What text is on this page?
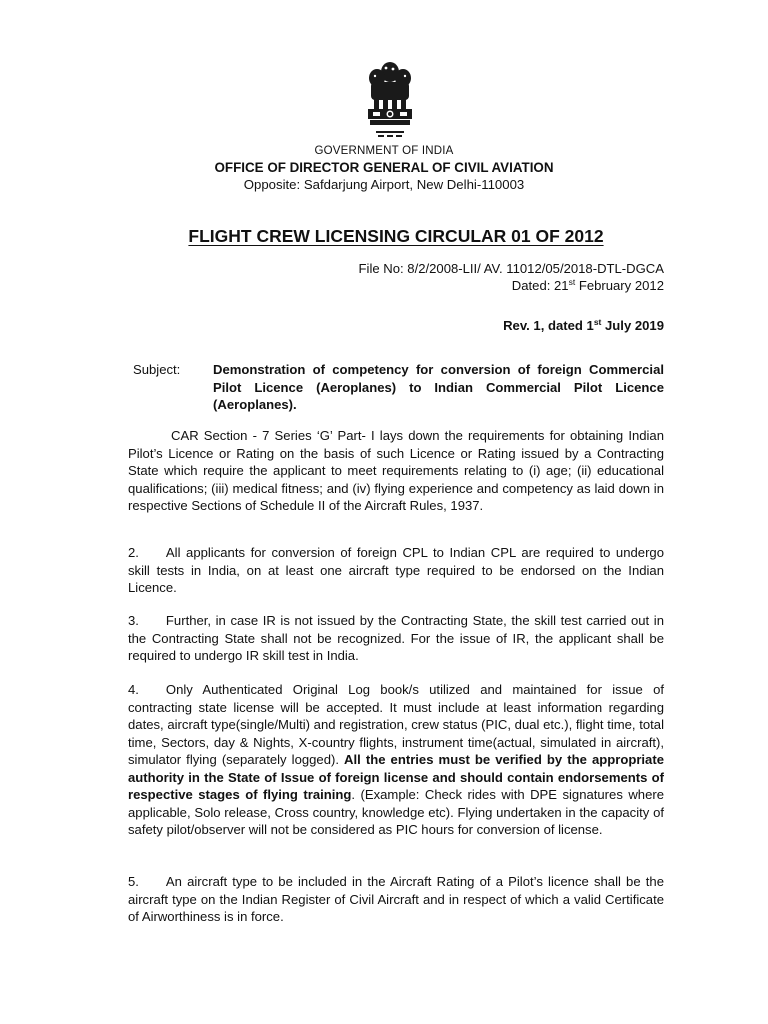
GOVERNMENT OF INDIA
OFFICE OF DIRECTOR GENERAL OF CIVIL AVIATION
Opposite: Safdarjung Airport, New Delhi-110003
FLIGHT CREW LICENSING CIRCULAR 01 OF 2012
File No: 8/2/2008-LII/ AV. 11012/05/2018-DTL-DGCA
Dated: 21st February 2012
Rev. 1, dated 1st July 2019
Subject: Demonstration of competency for conversion of foreign Commercial Pilot Licence (Aeroplanes) to Indian Commercial Pilot Licence (Aeroplanes).

CAR Section - 7 Series ‘G’ Part- I lays down the requirements for obtaining Indian Pilot’s Licence or Rating on the basis of such Licence or Rating issued by a Contracting State which require the applicant to meet requirements relating to (i) age; (ii) educational qualifications; (iii) medical fitness; and (iv) flying experience and competency as laid down in respective Sections of Schedule II of the Aircraft Rules, 1937.

2. All applicants for conversion of foreign CPL to Indian CPL are required to undergo skill tests in India, on at least one aircraft type required to be endorsed on the Indian Licence.

3. Further, in case IR is not issued by the Contracting State, the skill test carried out in the Contracting State shall not be recognized. For the issue of IR, the applicant shall be required to undergo IR skill test in India.

4. Only Authenticated Original Log book/s utilized and maintained for issue of contracting state license will be accepted. It must include at least information regarding dates, aircraft type(single/Multi) and registration, crew status (PIC, dual etc.), flight time, total time, Sectors, day & Nights, X-country flights, instrument time(actual, simulated in aircraft), simulator flying (separately logged). All the entries must be verified by the appropriate authority in the State of Issue of foreign license and should contain endorsements of respective stages of flying training. (Example: Check rides with DPE signatures where applicable, Solo release, Cross country, knowledge etc). Flying undertaken in the capacity of safety pilot/observer will not be considered as PIC hours for conversion of license.

5. An aircraft type to be included in the Aircraft Rating of a Pilot’s licence shall be the aircraft type on the Indian Register of Civil Aircraft and in respect of which a valid Certificate of Airworthiness is in force.
